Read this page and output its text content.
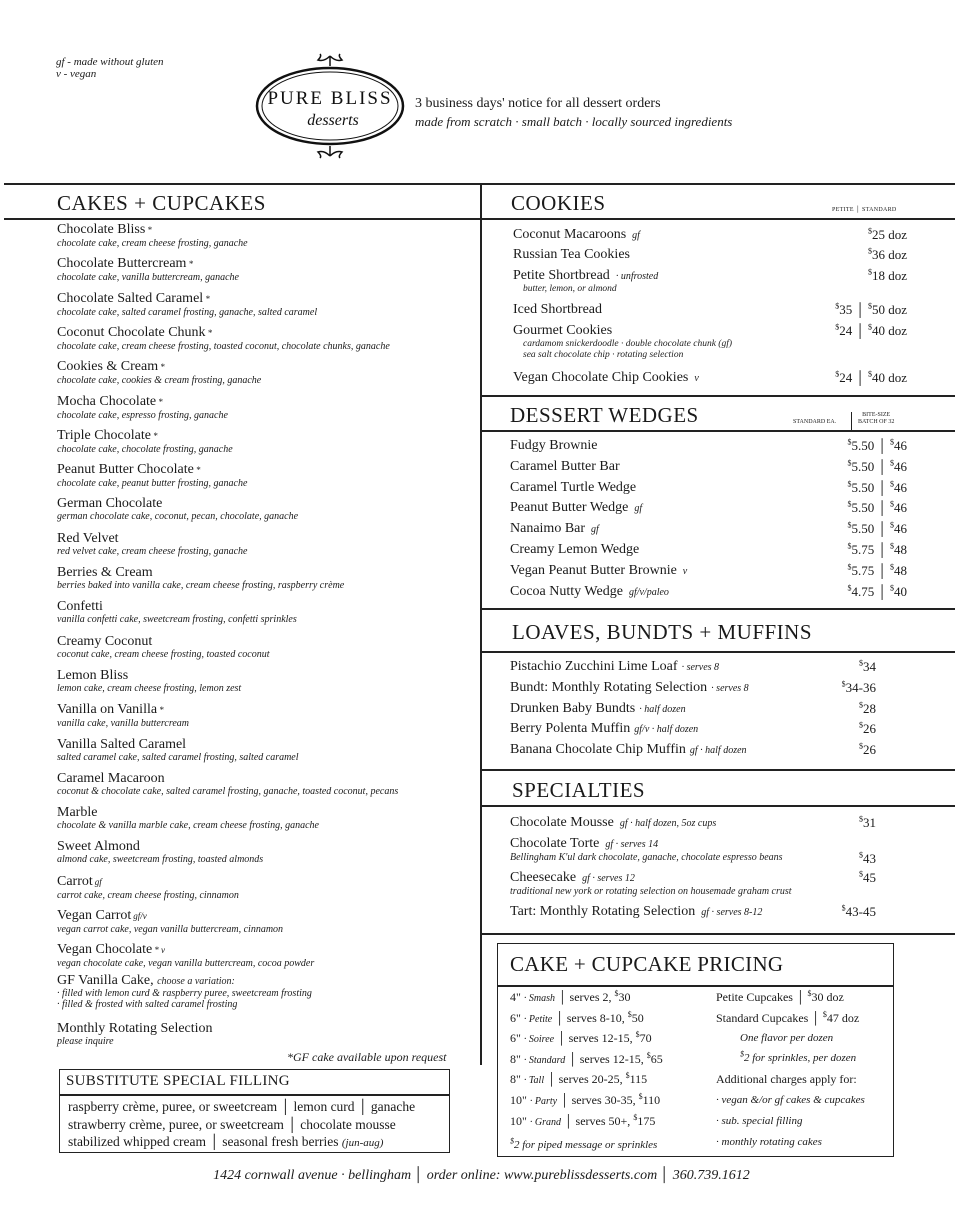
gf - made without gluten
v - vegan
PURE BLISS
desserts
3 business days' notice for all dessert orders
made from scratch · small batch · locally sourced ingredients
CAKES + CUPCAKES
Chocolate Bliss *
chocolate cake, cream cheese frosting, ganache
Chocolate Buttercream *
chocolate cake, vanilla buttercream, ganache
Chocolate Salted Caramel *
chocolate cake, salted caramel frosting, ganache, salted caramel
Coconut Chocolate Chunk *
chocolate cake, cream cheese frosting, toasted coconut, chocolate chunks, ganache
Cookies & Cream *
chocolate cake, cookies & cream frosting, ganache
Mocha Chocolate *
chocolate cake, espresso frosting, ganache
Triple Chocolate *
chocolate cake, chocolate frosting, ganache
Peanut Butter Chocolate *
chocolate cake, peanut butter frosting, ganache
German Chocolate
german chocolate cake, coconut, pecan, chocolate, ganache
Red Velvet
red velvet cake, cream cheese frosting, ganache
Berries & Cream
berries baked into vanilla cake, cream cheese frosting, raspberry crème
Confetti
vanilla confetti cake, sweetcream frosting, confetti sprinkles
Creamy Coconut
coconut cake, cream cheese frosting, toasted coconut
Lemon Bliss
lemon cake, cream cheese frosting, lemon zest
Vanilla on Vanilla *
vanilla cake, vanilla buttercream
Vanilla Salted Caramel
salted caramel cake, salted caramel frosting, salted caramel
Caramel Macaroon
coconut & chocolate cake, salted caramel frosting, ganache, toasted coconut, pecans
Marble
chocolate & vanilla marble cake, cream cheese frosting, ganache
Sweet Almond
almond cake, sweetcream frosting, toasted almonds
Carrot gf
carrot cake, cream cheese frosting, cinnamon
Vegan Carrot gf/v
vegan carrot cake, vegan vanilla buttercream, cinnamon
Vegan Chocolate * v
vegan chocolate cake, vegan vanilla buttercream, cocoa powder
GF Vanilla Cake, choose a variation:
· filled with lemon curd & raspberry puree, sweetcream frosting
· filled & frosted with salted caramel frosting
Monthly Rotating Selection
please inquire
*GF cake available upon request
SUBSTITUTE SPECIAL FILLING
raspberry crème, puree, or sweetcream │ lemon curd │ ganache
strawberry crème, puree, or sweetcream │ chocolate mousse
stabilized whipped cream │ seasonal fresh berries (jun-aug)
COOKIES	PETITE │ STANDARD
Coconut Macaroons gf	$25 doz
Russian Tea Cookies	$36 doz
Petite Shortbread · unfrosted
butter, lemon, or almond
$18 doz
Iced Shortbread	$35 │ $50 doz
Gourmet Cookies
cardamom snickerdoodle · double chocolate chunk (gf)
sea salt chocolate chip · rotating selection
$24 │ $40 doz
Vegan Chocolate Chip Cookies v	$24 │ $40 doz
DESSERT WEDGES	STANDARD EA.
BITE-SIZE
BATCH OF 32
Fudgy Brownie	$5.50 │ $46
Caramel Butter Bar	$5.50 │ $46
Caramel Turtle Wedge	$5.50 │ $46
Peanut Butter Wedge gf	$5.50 │ $46
Nanaimo Bar gf	$5.50 │ $46
Creamy Lemon Wedge	$5.75 │ $48
Vegan Peanut Butter Brownie v	$5.75 │ $48
Cocoa Nutty Wedge gf/v/paleo	$4.75 │ $40
LOAVES, BUNDTS + MUFFINS
Pistachio Zucchini Lime Loaf · serves 8	$34
Bundt: Monthly Rotating Selection · serves 8	$34-36
Drunken Baby Bundts · half dozen	$28
Berry Polenta Muffin gf/v · half dozen	$26
Banana Chocolate Chip Muffin gf · half dozen	$26
SPECIALTIES
Chocolate Mousse gf · half dozen, 5oz cups	$31
Chocolate Torte gf · serves 14
Bellingham K'ul dark chocolate, ganache, chocolate espresso beans	$43
Cheesecake gf · serves 12
traditional new york or rotating selection on housemade graham crust
$45
Tart: Monthly Rotating Selection gf · serves 8-12	$43-45
CAKE + CUPCAKE PRICING
4" · Smash │ serves 2, $30
6" · Petite │ serves 8-10, $50
6" · Soiree │ serves 12-15, $70
8" · Standard │ serves 12-15, $65
8" · Tall │ serves 20-25, $115
10" · Party │ serves 30-35, $110
10" · Grand │ serves 50+, $175
$2 for piped message or sprinkles
Petite Cupcakes │ $30 doz
Standard Cupcakes │ $47 doz
One flavor per dozen
$2 for sprinkles, per dozen
Additional charges apply for:
· vegan &/or gf cakes & cupcakes
· sub. special filling
· monthly rotating cakes
1424 cornwall avenue · bellingham │ order online: www.pureblissdesserts.com │ 360.739.1612
